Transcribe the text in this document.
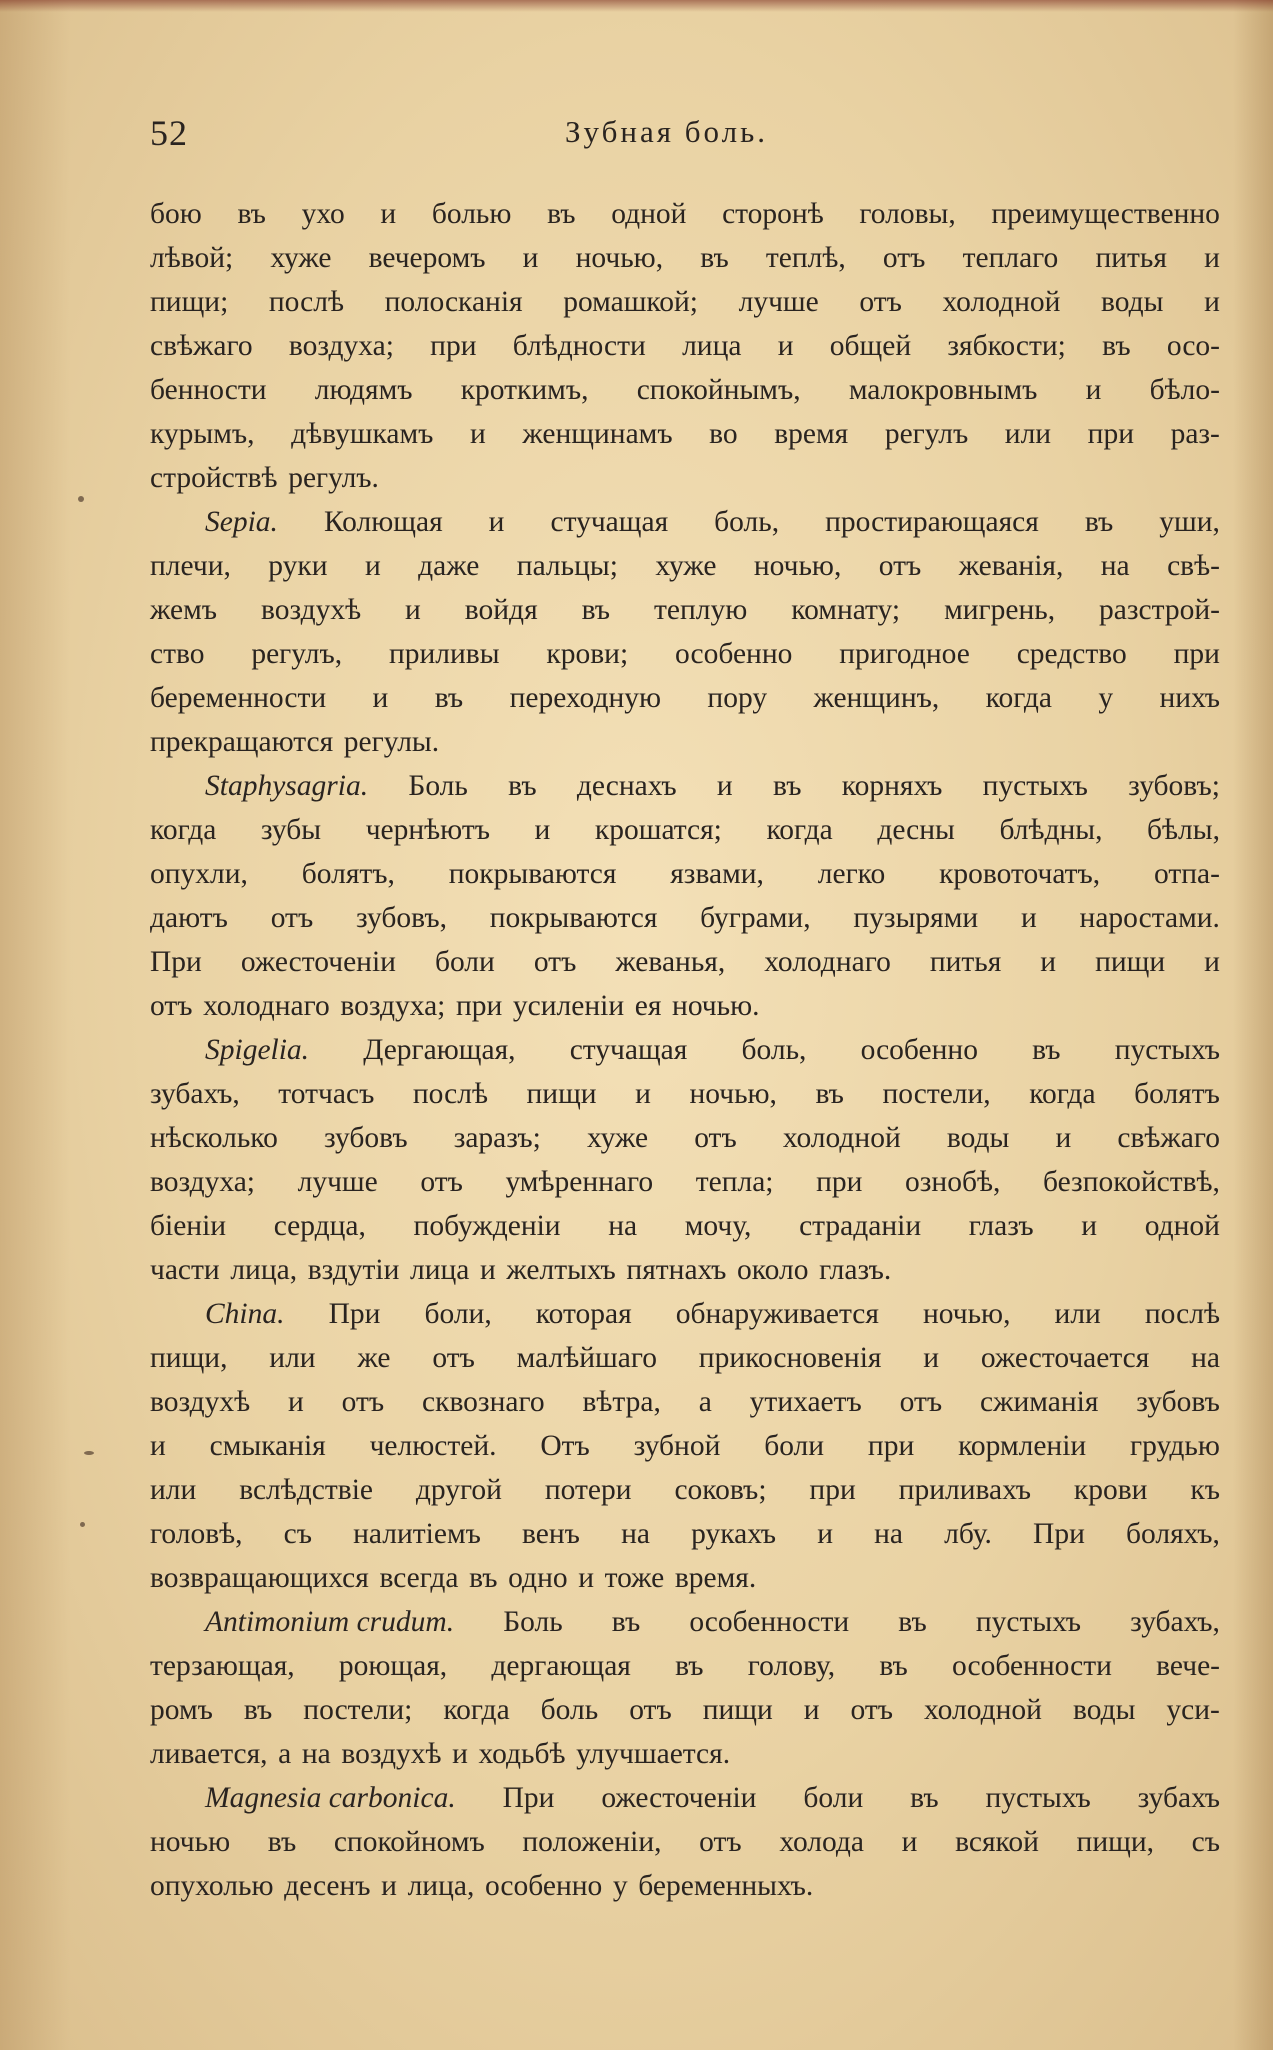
52	Зубная боль.
бою въ ухо и болью въ одной сторонѣ головы, преимущественно
лѣвой; хуже вечеромъ и ночью, въ теплѣ, отъ теплаго питья и
пищи; послѣ полосканія ромашкой; лучше отъ холодной воды и
свѣжаго воздуха; при блѣдности лица и общей зябкости; въ осо-
бенности людямъ кроткимъ, спокойнымъ, малокровнымъ и бѣло-
курымъ, дѣвушкамъ и женщинамъ во время регулъ или при раз-
стройствѣ регулъ.
Sepia. Колющая и стучащая боль, простирающаяся въ уши,
плечи, руки и даже пальцы; хуже ночью, отъ жеванія, на свѣ-
жемъ воздухѣ и войдя въ теплую комнату; мигрень, разстрой-
ство регулъ, приливы крови; особенно пригодное средство при
беременности и въ переходную пору женщинъ, когда у нихъ
прекращаются регулы.
Staphysagria. Боль въ деснахъ и въ корняхъ пустыхъ зубовъ;
когда зубы чернѣютъ и крошатся; когда десны блѣдны, бѣлы,
опухли, болятъ, покрываются язвами, легко кровоточатъ, отпа-
даютъ отъ зубовъ, покрываются буграми, пузырями и наростами.
При ожесточеніи боли отъ жеванья, холоднаго питья и пищи и
отъ холоднаго воздуха; при усиленіи ея ночью.
Spigelia. Дергающая, стучащая боль, особенно въ пустыхъ
зубахъ, тотчасъ послѣ пищи и ночью, въ постели, когда болятъ
нѣсколько зубовъ заразъ; хуже отъ холодной воды и свѣжаго
воздуха; лучше отъ умѣреннаго тепла; при ознобѣ, безпокойствѣ,
біеніи сердца, побужденіи на мочу, страданіи глазъ и одной
части лица, вздутіи лица и желтыхъ пятнахъ около глазъ.
China. При боли, которая обнаруживается ночью, или послѣ
пищи, или же отъ малѣйшаго прикосновенія и ожесточается на
воздухѣ и отъ сквознаго вѣтра, а утихаетъ отъ сжиманія зубовъ
и смыканія челюстей. Отъ зубной боли при кормленіи грудью
или вслѣдствіе другой потери соковъ; при приливахъ крови къ
головѣ, съ налитіемъ венъ на рукахъ и на лбу. При боляхъ,
возвращающихся всегда въ одно и тоже время.
Antimonium crudum. Боль въ особенности въ пустыхъ зубахъ,
терзающая, роющая, дергающая въ голову, въ особенности вече-
ромъ въ постели; когда боль отъ пищи и отъ холодной воды уси-
ливается, а на воздухѣ и ходьбѣ улучшается.
Magnesia carbonica. При ожесточеніи боли въ пустыхъ зубахъ
ночью въ спокойномъ положеніи, отъ холода и всякой пищи, съ
опухолью десенъ и лица, особенно у беременныхъ.
